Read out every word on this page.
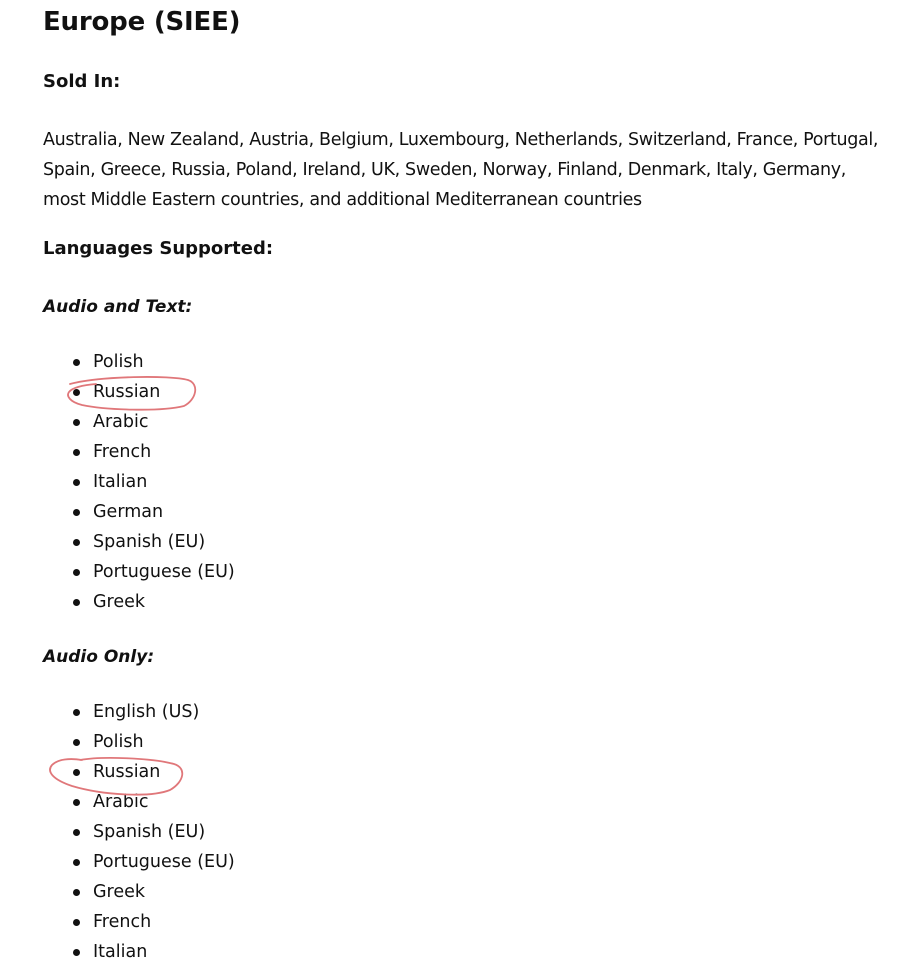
Europe (SIEE)
Sold In:

Australia, New Zealand, Austria, Belgium, Luxembourg, Netherlands, Switzerland, France, Portugal, Spain, Greece, Russia, Poland, Ireland, UK, Sweden, Norway, Finland, Denmark, Italy, Germany, most Middle Eastern countries, and additional Mediterranean countries

Languages Supported:
Audio and Text:
Polish
Russian
Arabic
French
Italian
German
Spanish (EU)
Portuguese (EU)
Greek
Audio Only:
English (US)
Polish
Russian
Arabic
Spanish (EU)
Portuguese (EU)
Greek
French
Italian
